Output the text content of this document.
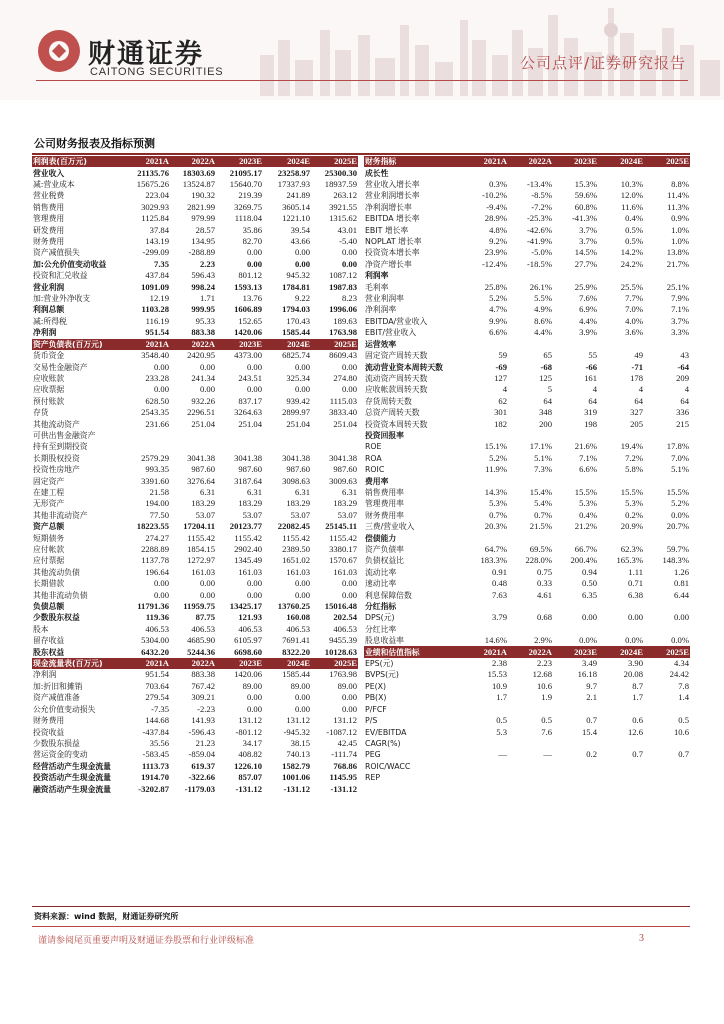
财通证券
CAITONG SECURITIES	公司点评/证券研究报告
公司财务报表及指标预测
利润表(百万元)	2021A	2022A	2023E	2024E	2025E
营业收入	21135.76	18303.69	21095.17	23258.97	25300.30
减:营业成本	15675.26	13524.87	15640.70	17337.93	18937.59
营业税费	223.04	190.32	219.39	241.89	263.12
销售费用	3029.93	2821.99	3269.75	3605.14	3921.55
管理费用	1125.84	979.99	1118.04	1221.10	1315.62
研发费用	37.84	28.57	35.86	39.54	43.01
财务费用	143.19	134.95	82.70	43.66	-5.40
资产减值损失	-299.09	-288.89	0.00	0.00	0.00
加:公允价值变动收益	7.35	2.23	0.00	0.00	0.00
投资和汇兑收益	437.84	596.43	801.12	945.32	1087.12
营业利润	1091.09	998.24	1593.13	1784.81	1987.83
加:营业外净收支	12.19	1.71	13.76	9.22	8.23
利润总额	1103.28	999.95	1606.89	1794.03	1996.06
减:所得税	116.19	95.33	152.65	170.43	189.63
净利润	951.54	883.38	1420.06	1585.44	1763.98
资产负债表(百万元)	2021A	2022A	2023E	2024E	2025E
货币资金	3548.40	2420.95	4373.00	6825.74	8609.43
交易性金融资产	0.00	0.00	0.00	0.00	0.00
应收账款	233.28	241.34	243.51	325.34	274.80
应收票据	0.00	0.00	0.00	0.00	0.00
预付账款	628.50	932.26	837.17	939.42	1115.03
存货	2543.35	2296.51	3264.63	2899.97	3833.40
其他流动资产	231.66	251.04	251.04	251.04	251.04
可供出售金融资产					
持有至到期投资					
长期股权投资	2579.29	3041.38	3041.38	3041.38	3041.38
投资性房地产	993.35	987.60	987.60	987.60	987.60
固定资产	3391.60	3276.64	3187.64	3098.63	3009.63
在建工程	21.58	6.31	6.31	6.31	6.31
无形资产	194.00	183.29	183.29	183.29	183.29
其他非流动资产	77.50	53.07	53.07	53.07	53.07
资产总额	18223.55	17204.11	20123.77	22082.45	25145.11
短期债务	274.27	1155.42	1155.42	1155.42	1155.42
应付帐款	2288.89	1854.15	2902.40	2389.50	3380.17
应付票据	1137.78	1272.97	1345.49	1651.02	1570.67
其他流动负债	196.64	161.03	161.03	161.03	161.03
长期借款	0.00	0.00	0.00	0.00	0.00
其他非流动负债	0.00	0.00	0.00	0.00	0.00
负债总额	11791.36	11959.75	13425.17	13760.25	15016.48
少数股东权益	119.36	87.75	121.93	160.08	202.54
股本	406.53	406.53	406.53	406.53	406.53
留存收益	5304.00	4685.90	6105.97	7691.41	9455.39
股东权益	6432.20	5244.36	6698.60	8322.20	10128.63
现金流量表(百万元)	2021A	2022A	2023E	2024E	2025E
净利润	951.54	883.38	1420.06	1585.44	1763.98
加:折旧和摊销	703.64	767.42	89.00	89.00	89.00
资产减值准备	279.54	309.21	0.00	0.00	0.00
公允价值变动损失	-7.35	-2.23	0.00	0.00	0.00
财务费用	144.68	141.93	131.12	131.12	131.12
投资收益	-437.84	-596.43	-801.12	-945.32	-1087.12
少数股东损益	35.56	21.23	34.17	38.15	42.45
营运资金的变动	-583.45	-859.04	408.82	740.13	-111.74
经营活动产生现金流量	1113.73	619.37	1226.10	1582.79	768.86
投资活动产生现金流量	1914.70	-322.66	857.07	1001.06	1145.95
融资活动产生现金流量	-3202.87	-1179.03	-131.12	-131.12	-131.12
财务指标	2021A	2022A	2023E	2024E	2025E
成长性					
营业收入增长率	0.3%	-13.4%	15.3%	10.3%	8.8%
营业利润增长率	-10.2%	-8.5%	59.6%	12.0%	11.4%
净利润增长率	-9.4%	-7.2%	60.8%	11.6%	11.3%
EBITDA 增长率	28.9%	-25.3%	-41.3%	0.4%	0.9%
EBIT 增长率	4.8%	-42.6%	3.7%	0.5%	1.0%
NOPLAT 增长率	9.2%	-41.9%	3.7%	0.5%	1.0%
投资资本增长率	23.9%	-5.0%	14.5%	14.2%	13.8%
净资产增长率	-12.4%	-18.5%	27.7%	24.2%	21.7%
利润率					
毛利率	25.8%	26.1%	25.9%	25.5%	25.1%
营业利润率	5.2%	5.5%	7.6%	7.7%	7.9%
净利润率	4.7%	4.9%	6.9%	7.0%	7.1%
EBITDA/营业收入	9.9%	8.6%	4.4%	4.0%	3.7%
EBIT/营业收入	6.6%	4.4%	3.9%	3.6%	3.3%
运营效率					
固定资产周转天数	59	65	55	49	43
流动营业资本周转天数	-69	-68	-66	-71	-64
流动资产周转天数	127	125	161	178	209
应收帐款周转天数	4	5	4	4	4
存货周转天数	62	64	64	64	64
总资产周转天数	301	348	319	327	336
投资资本周转天数	182	200	198	205	215
投资回报率					
ROE	15.1%	17.1%	21.6%	19.4%	17.8%
ROA	5.2%	5.1%	7.1%	7.2%	7.0%
ROIC	11.9%	7.3%	6.6%	5.8%	5.1%
费用率					
销售费用率	14.3%	15.4%	15.5%	15.5%	15.5%
管理费用率	5.3%	5.4%	5.3%	5.3%	5.2%
财务费用率	0.7%	0.7%	0.4%	0.2%	0.0%
三费/营业收入	20.3%	21.5%	21.2%	20.9%	20.7%
偿债能力					
资产负债率	64.7%	69.5%	66.7%	62.3%	59.7%
负债权益比	183.3%	228.0%	200.4%	165.3%	148.3%
流动比率	0.91	0.75	0.94	1.11	1.26
速动比率	0.48	0.33	0.50	0.71	0.81
利息保障倍数	7.63	4.61	6.35	6.38	6.44
分红指标					
DPS(元)	3.79	0.68	0.00	0.00	0.00
分红比率					
股息收益率	14.6%	2.9%	0.0%	0.0%	0.0%
业绩和估值指标	2021A	2022A	2023E	2024E	2025E
EPS(元)	2.38	2.23	3.49	3.90	4.34
BVPS(元)	15.53	12.68	16.18	20.08	24.42
PE(X)	10.9	10.6	9.7	8.7	7.8
PB(X)	1.7	1.9	2.1	1.7	1.4
P/FCF					
P/S	0.5	0.5	0.7	0.6	0.5
EV/EBITDA	5.3	7.6	15.4	12.6	10.6
CAGR(%)					
PEG	—	—	0.2	0.7	0.7
ROIC/WACC					
REP					
资料来源：wind 数据，财通证券研究所
谨请参阅尾页重要声明及财通证券股票和行业评级标准	3
